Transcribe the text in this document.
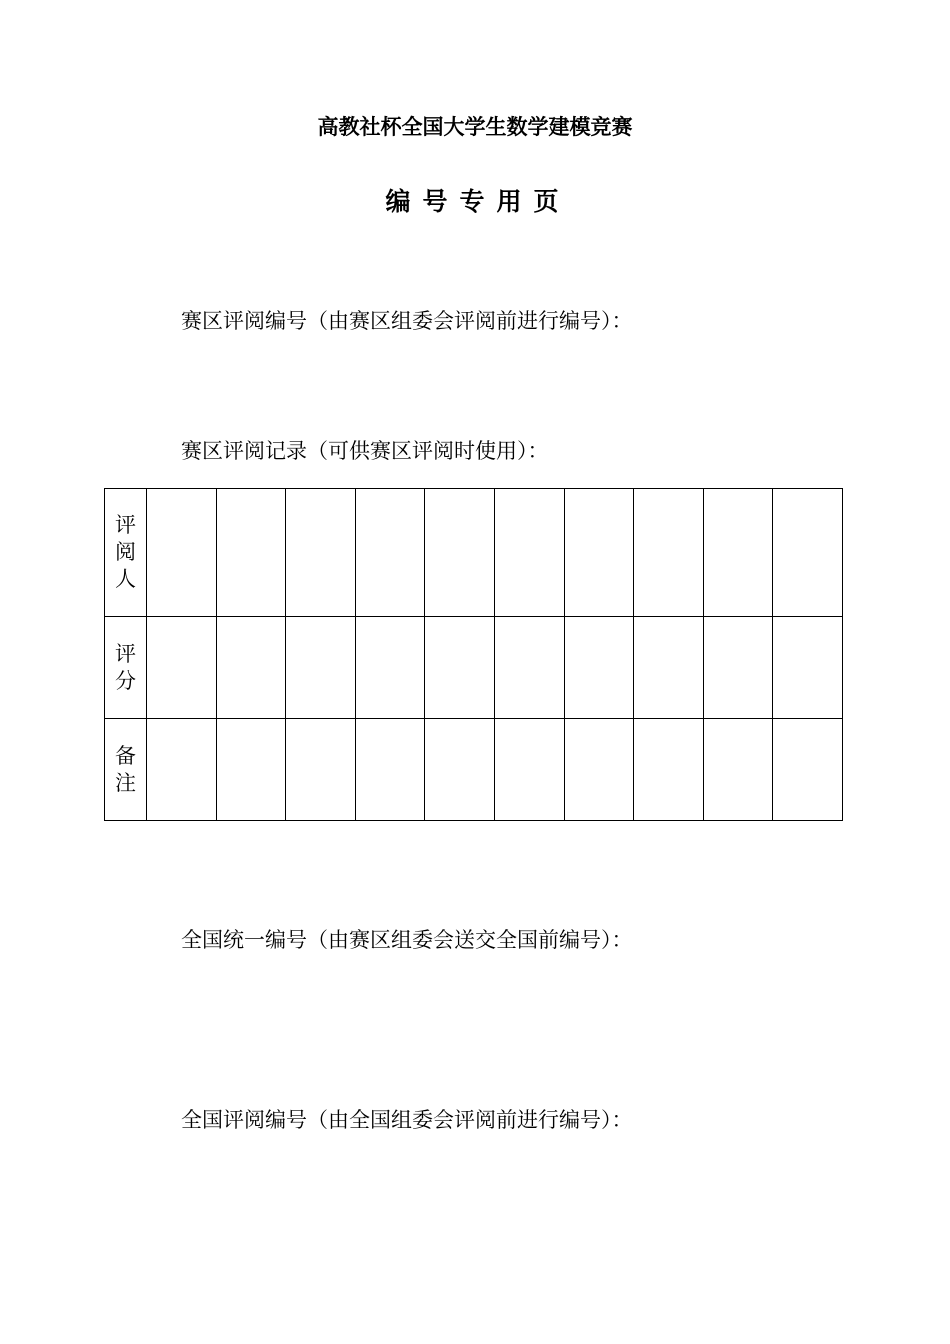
高教社杯全国大学生数学建模竞赛
编号专用页
赛区评阅编号（由赛区组委会评阅前进行编号）：
赛区评阅记录（可供赛区评阅时使用）：
评
阅
人										

评
分										

备
注										

全国统一编号（由赛区组委会送交全国前编号）：
全国评阅编号（由全国组委会评阅前进行编号）：
